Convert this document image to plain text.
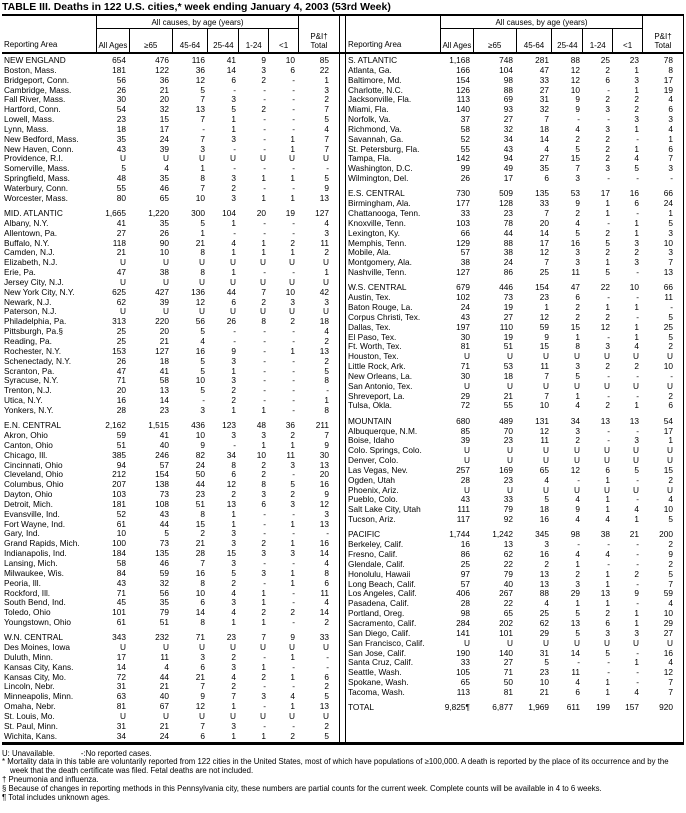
TABLE III. Deaths in 122 U.S. cities,* week ending January 4, 2003 (53rd Week)
Reporting Area
All causes, by age (years)
All Ages ≥65	45-64 25-44 1-24 <1
P&I†
Total
NEW ENGLAND	654	476	116	41	9	10	85
Boston, Mass.	181	122	36	14	3	6	22
Bridgeport, Conn.	56	36	12	6	2	-	1
Cambridge, Mass.	26	21	5	-	-	-	3
Fall River, Mass.	30	20	7	3	-	-	2
Hartford, Conn.	54	32	13	5	2	-	7
Lowell, Mass.	23	15	7	1	-	-	5
Lynn, Mass.	18	17	-	1	-	-	4
New Bedford, Mass.	35	24	7	3	-	1	7
New Haven, Conn.	43	39	3	-	-	1	7
Providence, R.I.	U	U	U	U	U	U	U
Somerville, Mass.	5	4	1	-	-	-	-
Springfield, Mass.	48	35	8	3	1	1	5
Waterbury, Conn.	55	46	7	2	-	-	9
Worcester, Mass.	80	65	10	3	1	1	13
MID. ATLANTIC	1,665	1,220	300	104	20	19	127
Albany, N.Y.	41	35	5	1	-	-	4
Allentown, Pa.	27	26	1	-	-	-	3
Buffalo, N.Y.	118	90	21	4	1	2	11
Camden, N.J.	21	10	8	1	1	1	2
Elizabeth, N.J.	U	U	U	U	U	U	U
Erie, Pa.	47	38	8	1	-	-	1
Jersey City, N.J.	U	U	U	U	U	U	U
New York City, N.Y.	625	427	136	44	7	10	42
Newark, N.J.	62	39	12	6	2	3	3
Paterson, N.J.	U	U	U	U	U	U	U
Philadelphia, Pa.	313	220	56	26	8	2	18
Pittsburgh, Pa.§	25	20	5	-	-	-	4
Reading, Pa.	25	21	4	-	-	-	2
Rochester, N.Y.	153	127	16	9	-	1	13
Schenectady, N.Y.	26	18	5	3	-	-	2
Scranton, Pa.	47	41	5	1	-	-	5
Syracuse, N.Y.	71	58	10	3	-	-	8
Trenton, N.J.	20	13	5	2	-	-	-
Utica, N.Y.	16	14	-	2	-	-	1
Yonkers, N.Y.	28	23	3	1	1	-	8
E.N. CENTRAL	2,162	1,515	436	123	48	36	211
Akron, Ohio	59	41	10	3	3	2	7
Canton, Ohio	51	40	9	-	1	1	9
Chicago, Ill.	385	246	82	34	10	11	30
Cincinnati, Ohio	94	57	24	8	2	3	13
Cleveland, Ohio	212	154	50	6	2	-	20
Columbus, Ohio	207	138	44	12	8	5	16
Dayton, Ohio	103	73	23	2	3	2	9
Detroit, Mich.	181	108	51	13	6	3	12
Evansville, Ind.	52	43	8	1	-	-	3
Fort Wayne, Ind.	61	44	15	1	-	1	13
Gary, Ind.	10	5	2	3	-	-	-
Grand Rapids, Mich.	100	73	21	3	2	1	16
Indianapolis, Ind.	184	135	28	15	3	3	14
Lansing, Mich.	58	46	7	3	-	-	4
Milwaukee, Wis.	84	59	16	5	3	1	8
Peoria, Ill.	43	32	8	2	-	1	6
Rockford, Ill.	71	56	10	4	1	-	11
South Bend, Ind.	45	35	6	3	1	-	4
Toledo, Ohio	101	79	14	4	2	2	14
Youngstown, Ohio	61	51	8	1	1	-	2
W.N. CENTRAL	343	232	71	23	7	9	33
Des Moines, Iowa	U	U	U	U	U	U	U
Duluth, Minn.	17	11	3	2	-	1	-
Kansas City, Kans.	14	4	6	3	1	-	-
Kansas City, Mo.	72	44	21	4	2	1	6
Lincoln, Nebr.	31	21	7	2	-	-	2
Minneapolis, Minn.	63	40	9	7	3	4	5
Omaha, Nebr.	81	67	12	1	-	1	13
St. Louis, Mo.	U	U	U	U	U	U	U
St. Paul, Minn.	31	21	7	3	-	-	2
Wichita, Kans.	34	24	6	1	1	2	5
Reporting Area
All causes, by age (years)
All Ages ≥65	45-64 25-44 1-24 <1
P&I†
Total
S. ATLANTIC	1,168	748	281	88	25	23	78
Atlanta, Ga.	166	104	47	12	2	1	8
Baltimore, Md.	154	98	33	12	6	3	17
Charlotte, N.C.	126	88	27	10	-	1	19
Jacksonville, Fla.	113	69	31	9	2	2	4
Miami, Fla.	140	93	32	9	3	2	6
Norfolk, Va.	37	27	7	-	-	3	3
Richmond, Va.	58	32	18	4	3	1	4
Savannah, Ga.	52	34	14	2	2	-	1
St. Petersburg, Fla.	55	43	4	5	2	1	6
Tampa, Fla.	142	94	27	15	2	4	7
Washington, D.C.	99	49	35	7	3	5	3
Wilmington, Del.	26	17	6	3	-	-	-
E.S. CENTRAL	730	509	135	53	17	16	66
Birmingham, Ala.	177	128	33	9	1	6	24
Chattanooga, Tenn.	33	23	7	2	1	-	1
Knoxville, Tenn.	103	78	20	4	-	1	5
Lexington, Ky.	66	44	14	5	2	1	3
Memphis, Tenn.	129	88	17	16	5	3	10
Mobile, Ala.	57	38	12	3	2	2	3
Montgomery, Ala.	38	24	7	3	1	3	7
Nashville, Tenn.	127	86	25	11	5	-	13
W.S. CENTRAL	679	446	154	47	22	10	66
Austin, Tex.	102	73	23	6	-	-	11
Baton Rouge, La.	24	19	1	2	1	1	-
Corpus Christi, Tex.	43	27	12	2	2	-	5
Dallas, Tex.	197	110	59	15	12	1	25
El Paso, Tex.	30	19	9	1	-	1	5
Ft. Worth, Tex.	81	51	15	8	3	4	2
Houston, Tex.	U	U	U	U	U	U	U
Little Rock, Ark.	71	53	11	3	2	2	10
New Orleans, La.	30	18	7	5	-	-	-
San Antonio, Tex.	U	U	U	U	U	U	U
Shreveport, La.	29	21	7	1	-	-	2
Tulsa, Okla.	72	55	10	4	2	1	6
MOUNTAIN	680	489	131	34	13	13	54
Albuquerque, N.M.	85	70	12	3	-	-	17
Boise, Idaho	39	23	11	2	-	3	1
Colo. Springs, Colo.	U	U	U	U	U	U	U
Denver, Colo.	U	U	U	U	U	U	U
Las Vegas, Nev.	257	169	65	12	6	5	15
Ogden, Utah	28	23	4	-	1	-	2
Phoenix, Ariz.	U	U	U	U	U	U	U
Pueblo, Colo.	43	33	5	4	1	-	4
Salt Lake City, Utah	111	79	18	9	1	4	10
Tucson, Ariz.	117	92	16	4	4	1	5
PACIFIC	1,744	1,242	345	98	38	21	200
Berkeley, Calif.	16	13	3	-	-	-	2
Fresno, Calif.	86	62	16	4	4	-	9
Glendale, Calif.	25	22	2	1	-	-	2
Honolulu, Hawaii	97	79	13	2	1	2	5
Long Beach, Calif.	57	40	13	3	1	-	7
Los Angeles, Calif.	406	267	88	29	13	9	59
Pasadena, Calif.	28	22	4	1	1	-	4
Portland, Oreg.	98	65	25	5	2	1	10
Sacramento, Calif.	284	202	62	13	6	1	29
San Diego, Calif.	141	101	29	5	3	3	27
San Francisco, Calif.	U	U	U	U	U	U	U
San Jose, Calif.	190	140	31	14	5	-	16
Santa Cruz, Calif.	33	27	5	-	-	1	4
Seattle, Wash.	105	71	23	11	-	-	12
Spokane, Wash.	65	50	10	4	1	-	7
Tacoma, Wash.	113	81	21	6	1	4	7
TOTAL	9,825¶	6,877	1,969	611	199	157	920
U: Unavailable.	-:No reported cases.
* Mortality data in this table are voluntarily reported from 122 cities in the United States, most of which have populations of ≥100,000. A death is reported by the place of its occurrence and by the week that the death certificate was filed. Fetal deaths are not included.
† Pneumonia and influenza.
§ Because of changes in reporting methods in this Pennsylvania city, these numbers are partial counts for the current week. Complete counts will be available in 4 to 6 weeks.
¶ Total includes unknown ages.
